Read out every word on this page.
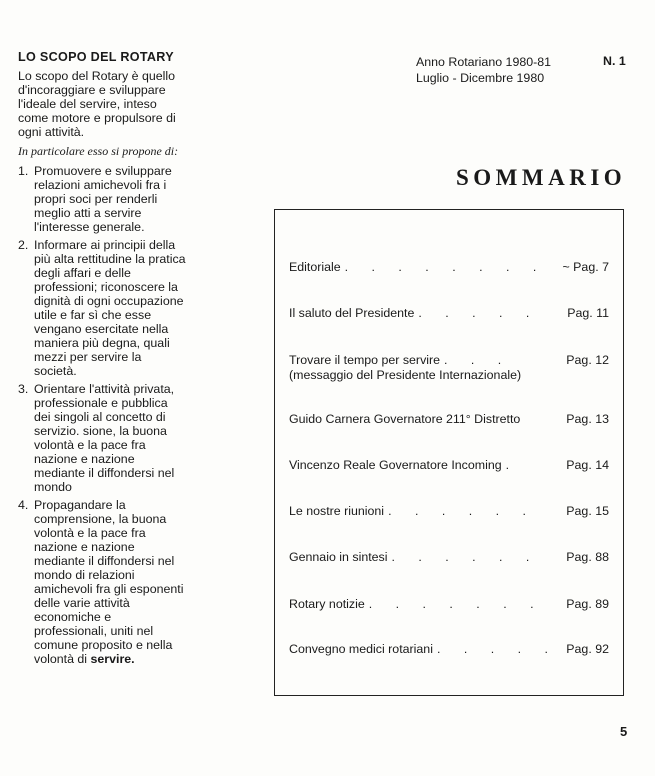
LO SCOPO DEL ROTARY

Lo scopo del Rotary è quello d'incoraggiare e sviluppare l'ideale del servire, inteso come motore e propulsore di ogni attività.

In particolare esso si propone di:

1. Promuovere e sviluppare relazioni amichevoli fra i propri soci per renderli meglio atti a servire l'interesse generale.
2. Informare ai principii della più alta rettitudine la pratica degli affari e delle professioni; riconoscere la dignità di ogni occupazione utile e far sì che esse vengano esercitate nella maniera più degna, quali mezzi per servire la società.
3. Orientare l'attività privata, professionale e pubblica dei singoli al concetto di servizio. sione, la buona volontà e la pace fra nazione e nazione mediante il diffondersi nel mondo
4. Propagandare la comprensione, la buona volontà e la pace fra nazione e nazione mediante il diffondersi nel mondo di relazioni amichevoli fra gli esponenti delle varie attività economiche e professionali, uniti nel comune proposito e nella volontà di servire.
Anno Rotariano 1980-81
Luglio - Dicembre 1980
N. 1
SOMMARIO
Editoriale . . . . . . . . ~ Pag. 7
Il saluto del Presidente . . . . . Pag. 11
Trovare il tempo per servire . . .	Pag. 12
(messaggio del Presidente Internazionale)
Guido Carnera Governatore 211° Distretto	Pag. 13
Vincenzo Reale Governatore Incoming .	Pag. 14
Le nostre riunioni . . . . . . Pag. 15
Gennaio in sintesi . . . . . . Pag. 88
Rotary notizie . . . . . . . Pag. 89
Convegno medici rotariani . . . . . Pag. 92
5
